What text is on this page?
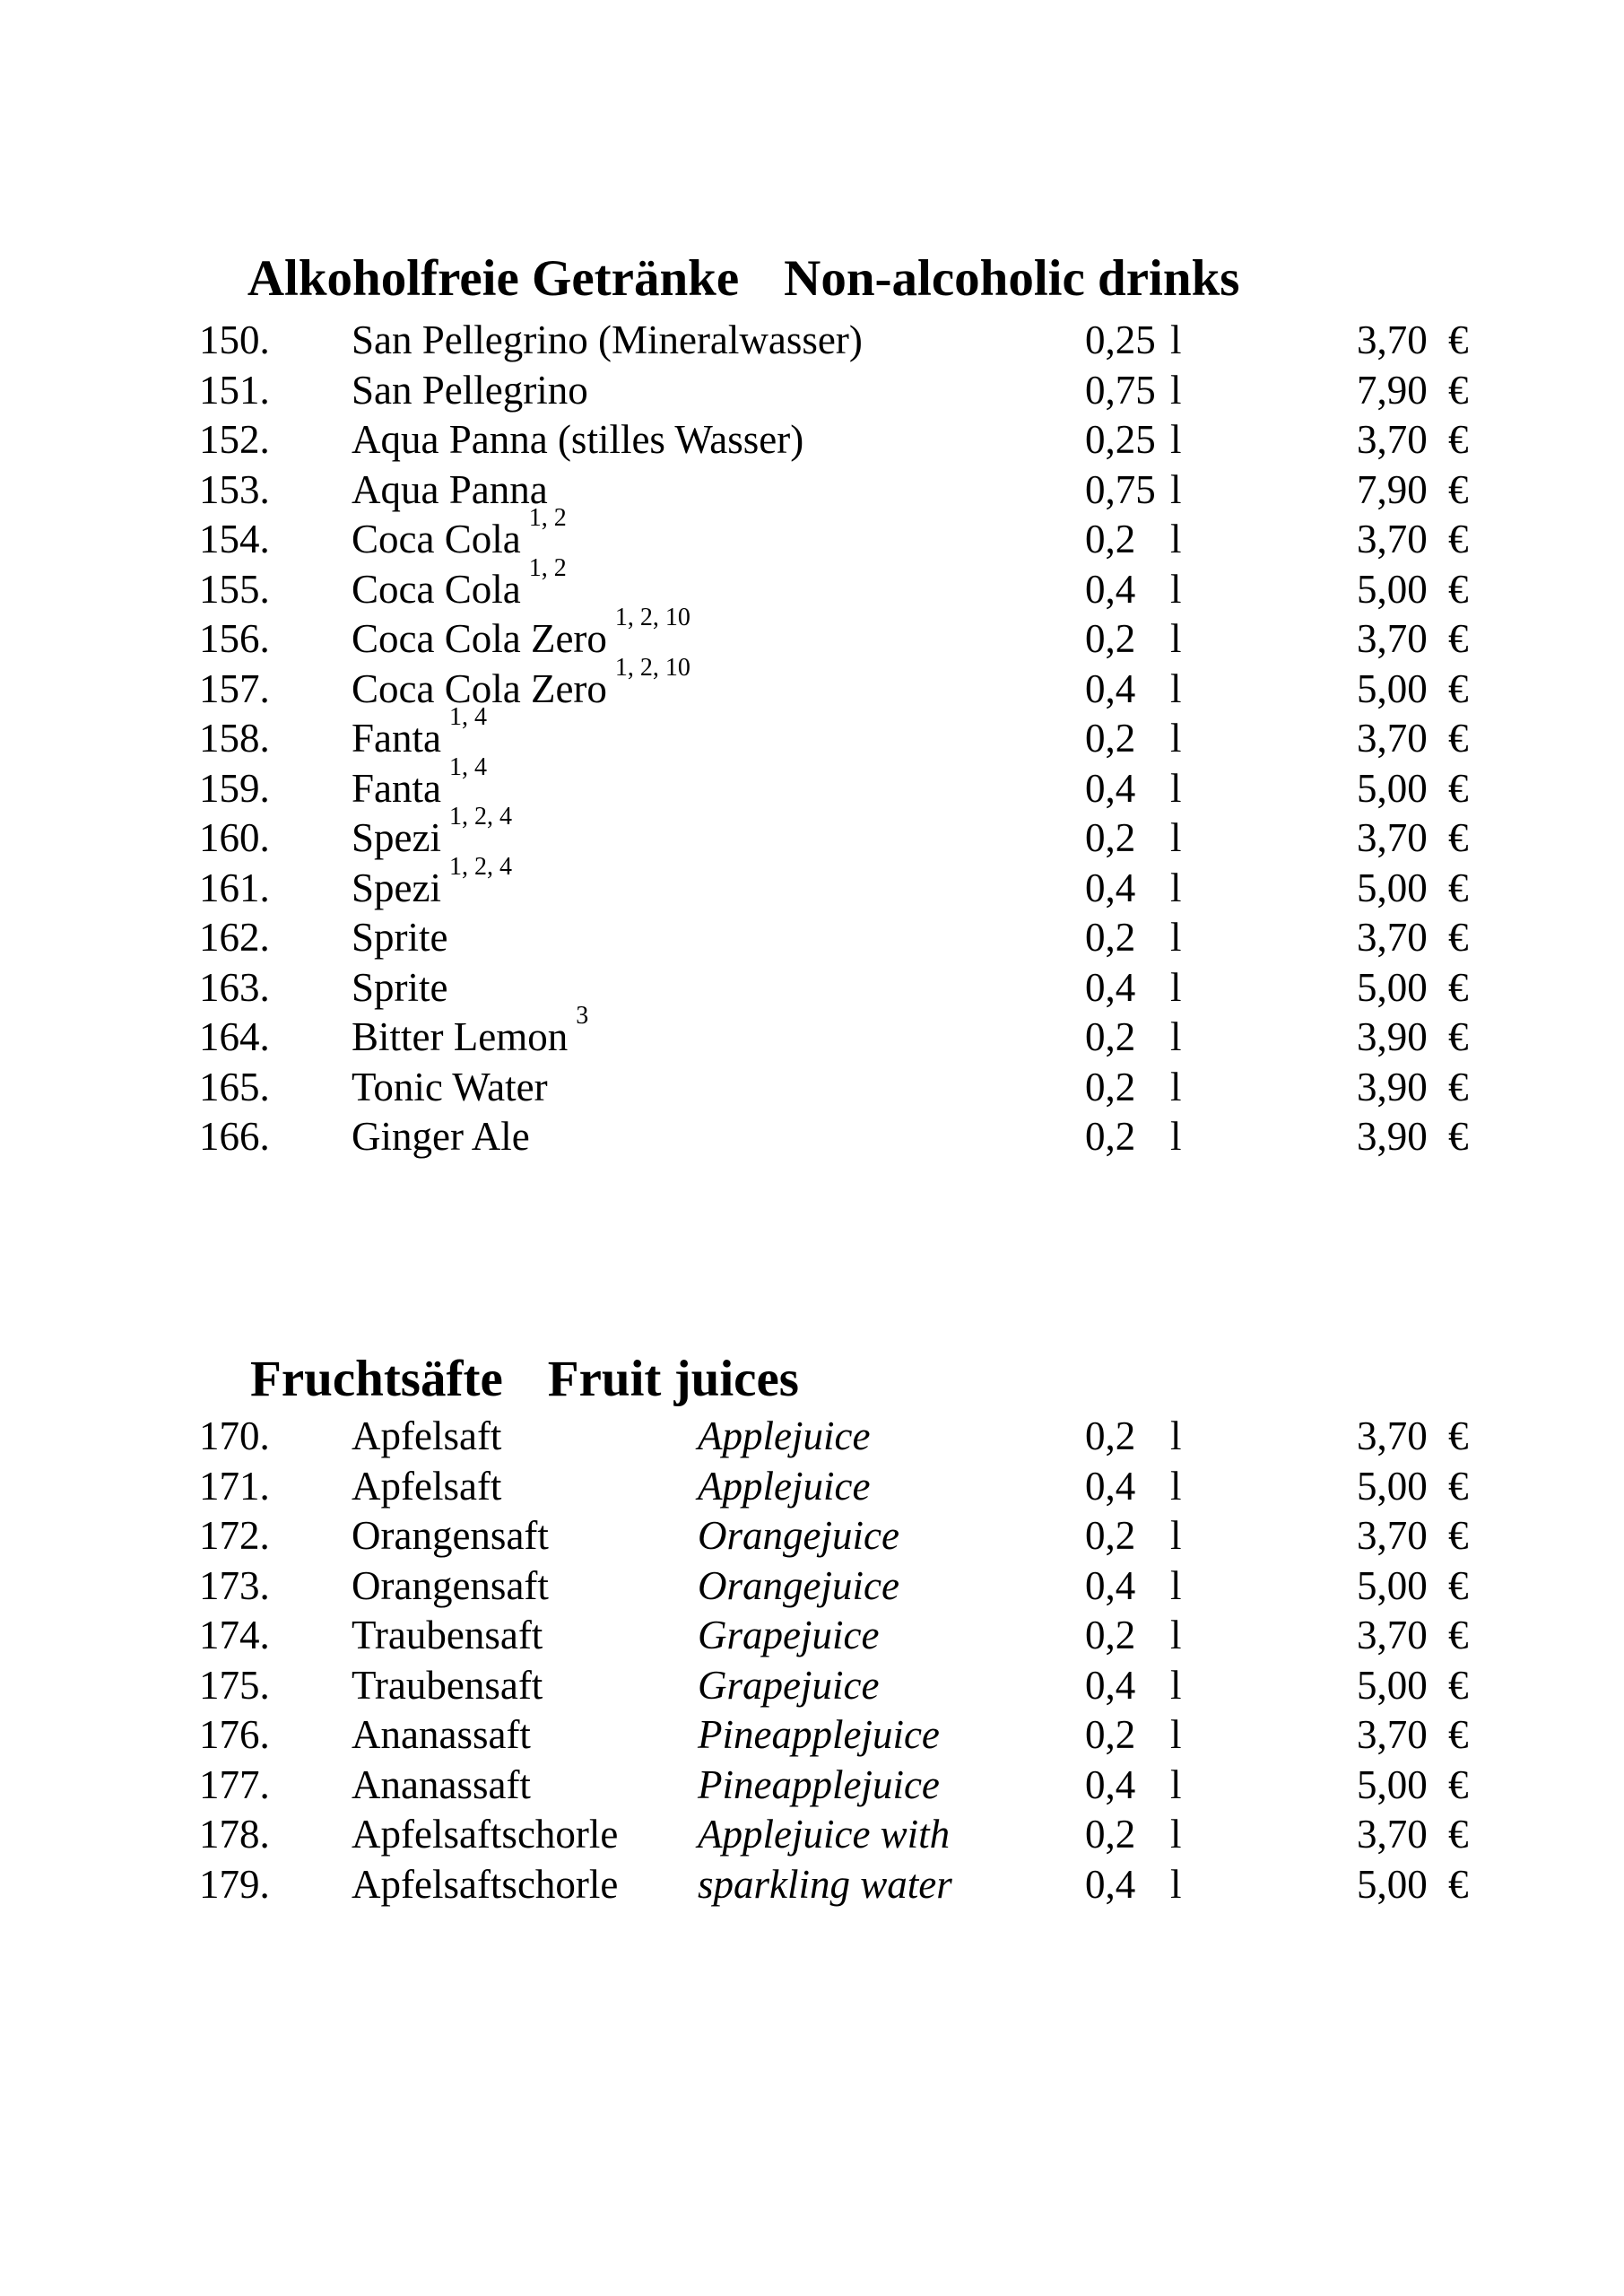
Alkoholfreie Getränke Non-alcoholic drinks

150. San Pellegrino (Mineralwasser)	0,25 l	3,70 €
151. San Pellegrino	0,75 l	7,90 €
152. Aqua Panna (stilles Wasser)	0,25 l	3,70 €
153. Aqua Panna	0,75 l	7,90 €
154. Coca Cola $^{1, 2}$	0,2 l	3,70 €
155. Coca Cola $^{1, 2}$	0,4 l	5,00 €
156. Coca Cola Zero $^{1, 2, 10}$	0,2 l	3,70 €
157. Coca Cola Zero $^{1, 2, 10}$	0,4 l	5,00 €
158. Fanta $^{1, 4}$	0,2 l	3,70 €
159. Fanta $^{1, 4}$	0,4 l	5,00 €
160. Spezi $^{1, 2, 4}$	0,2 l	3,70 €
161. Spezi $^{1, 2, 4}$	0,4 l	5,00 €
162. Sprite	0,2 l	3,70 €
163. Sprite	0,4 l	5,00 €
164. Bitter Lemon $^3$	0,2 l	3,90 €
165. Tonic Water	0,2 l	3,90 €
166. Ginger Ale	0,2 l	3,90 €

Fruchtsäfte Fruit juices

170. Apfelsaft	Applejuice	0,2 l	3,70 €
171. Apfelsaft	Applejuice	0,4 l	5,00 €
172. Orangensaft	Orangejuice	0,2 l	3,70 €
173. Orangensaft	Orangejuice	0,4 l	5,00 €
174. Traubensaft	Grapejuice	0,2 l	3,70 €
175. Traubensaft	Grapejuice	0,4 l	5,00 €
176. Ananassaft	Pineapplejuice	0,2 l	3,70 €
177. Ananassaft	Pineapplejuice	0,4 l	5,00 €
178. Apfelsaftschorle Applejuice with	0,2 l	3,70 €
179. Apfelsaftschorle sparkling water	0,4 l	5,00 €
